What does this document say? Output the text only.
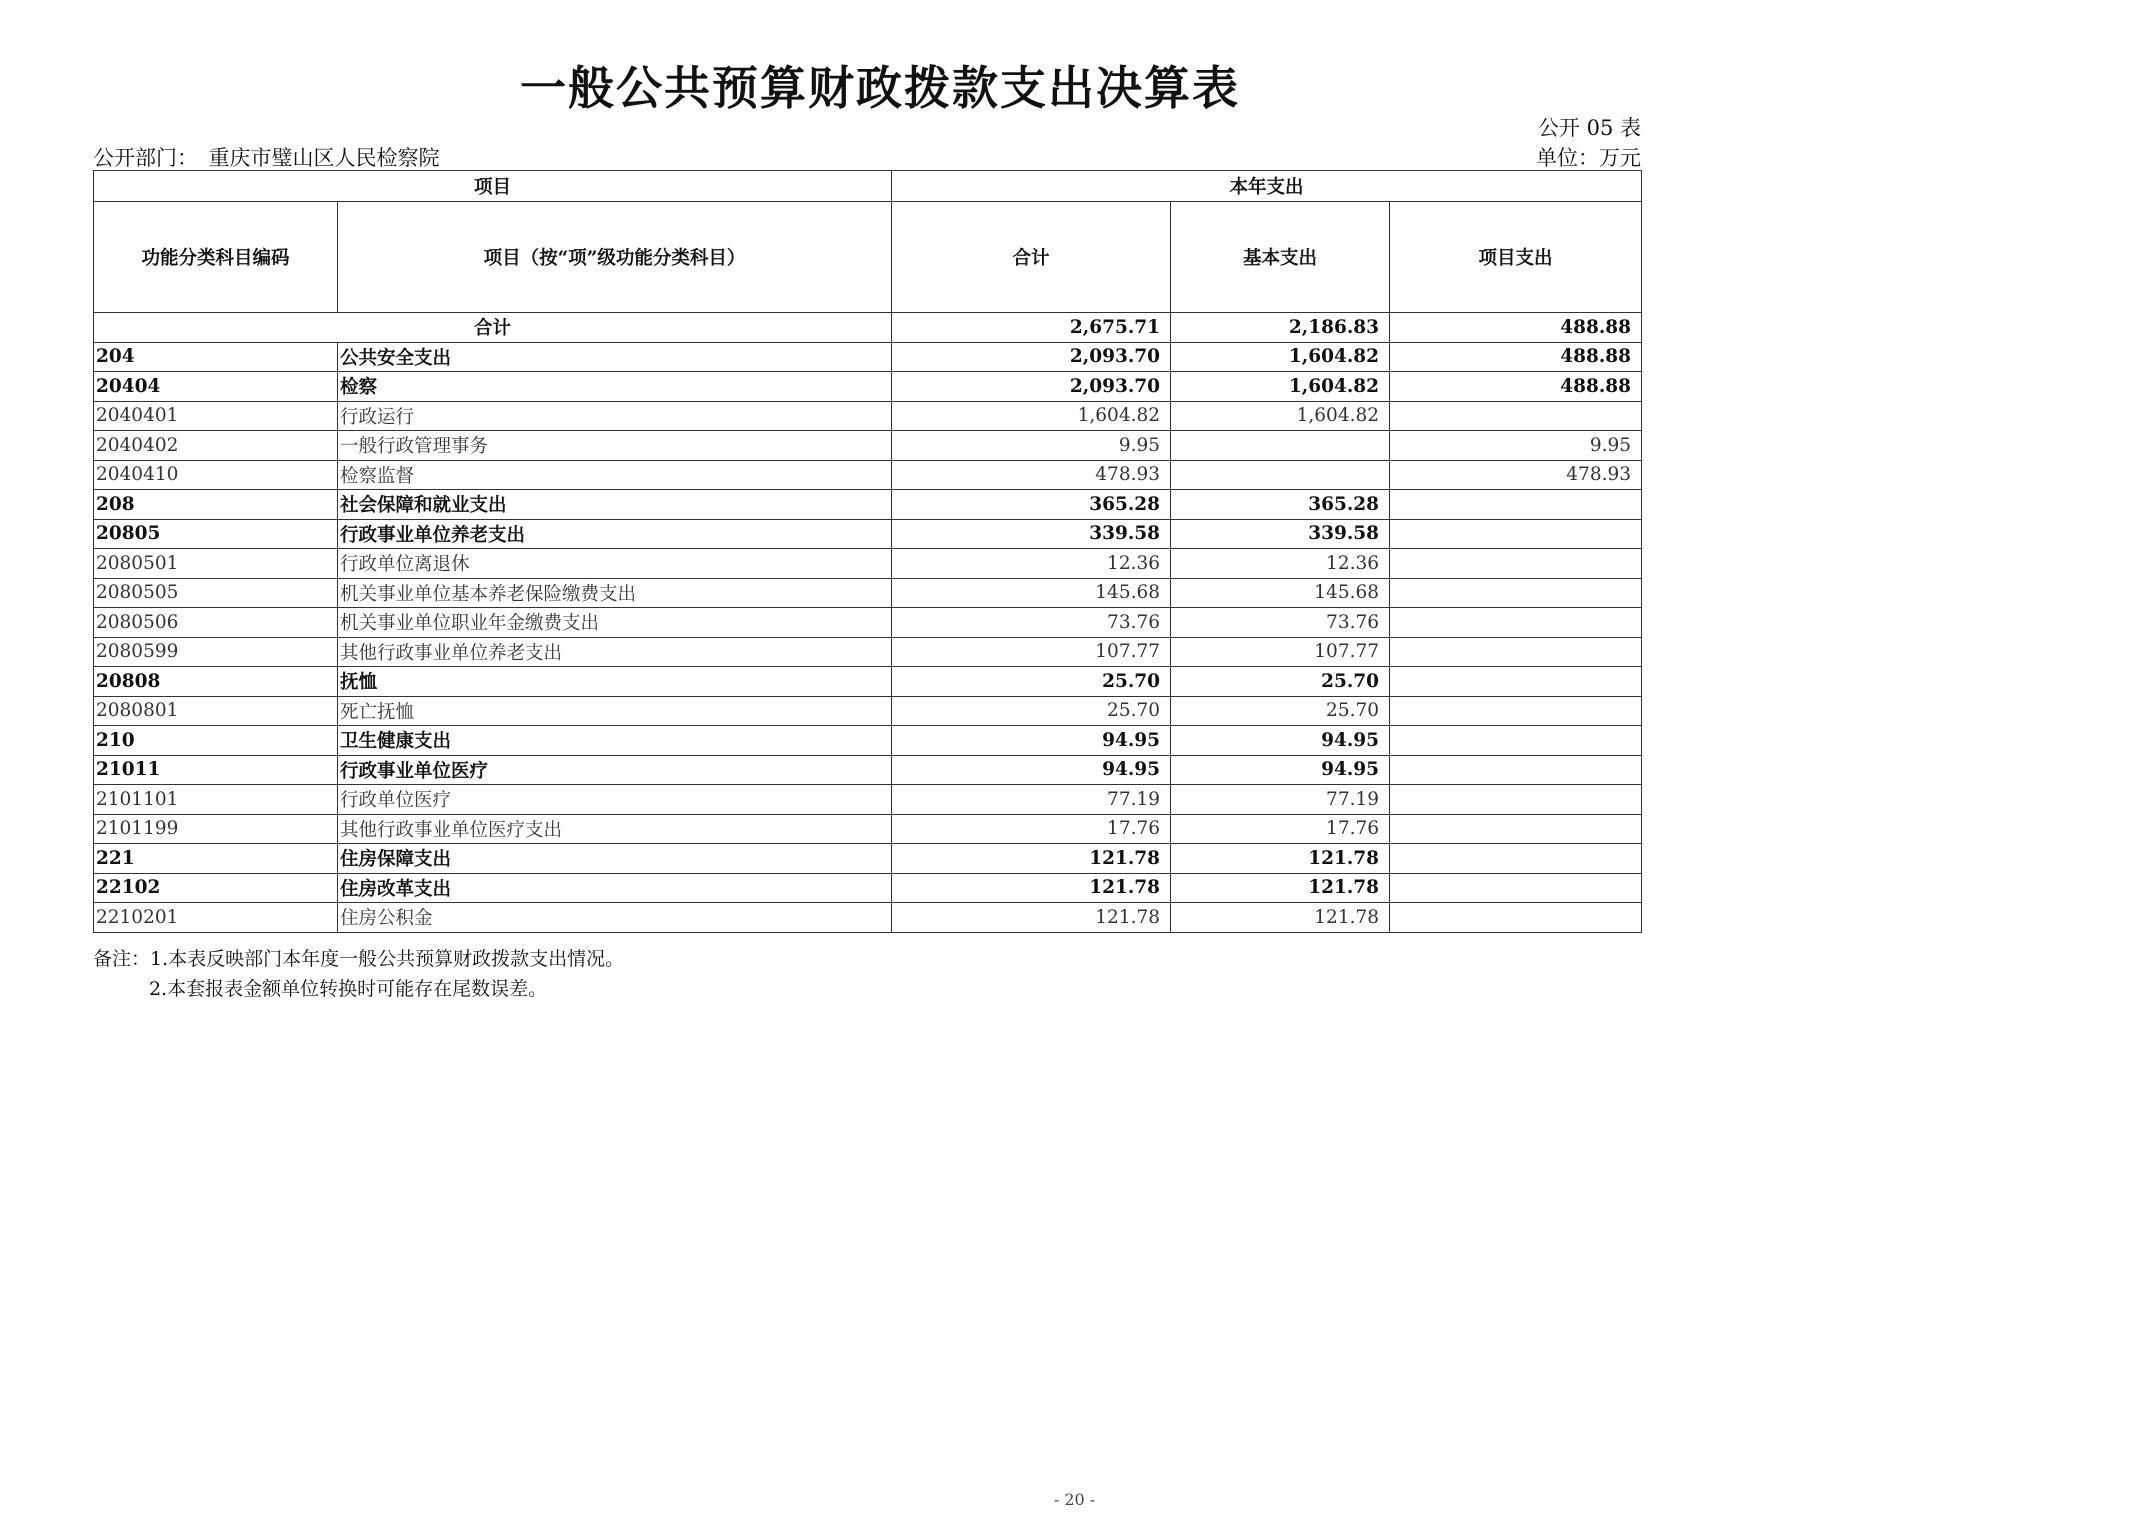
一般公共预算财政拨款支出决算表
公开 05 表
公开部门：　重庆市璧山区人民检察院	单位：万元
项目		本年支出		
功能分类科目编码	项目（按“项”级功能分类科目）	合计	基本支出	项目支出
合计		2,675.71	2,186.83	488.88
204	公共安全支出	2,093.70	1,604.82	488.88
20404	检察	2,093.70	1,604.82	488.88
2040401	行政运行	1,604.82	1,604.82	
2040402	一般行政管理事务	9.95		9.95
2040410	检察监督	478.93		478.93
208	社会保障和就业支出	365.28	365.28	
20805	行政事业单位养老支出	339.58	339.58	
2080501	行政单位离退休	12.36	12.36	
2080505	机关事业单位基本养老保险缴费支出	145.68	145.68	
2080506	机关事业单位职业年金缴费支出	73.76	73.76	
2080599	其他行政事业单位养老支出	107.77	107.77	
20808	抚恤	25.70	25.70	
2080801	死亡抚恤	25.70	25.70	
210	卫生健康支出	94.95	94.95	
21011	行政事业单位医疗	94.95	94.95	
2101101	行政单位医疗	77.19	77.19	
2101199	其他行政事业单位医疗支出	17.76	17.76	
221	住房保障支出	121.78	121.78	
22102	住房改革支出	121.78	121.78	
2210201	住房公积金	121.78	121.78	
备注：1.本表反映部门本年度一般公共预算财政拨款支出情况。
2.本套报表金额单位转换时可能存在尾数误差。
- 20 -
